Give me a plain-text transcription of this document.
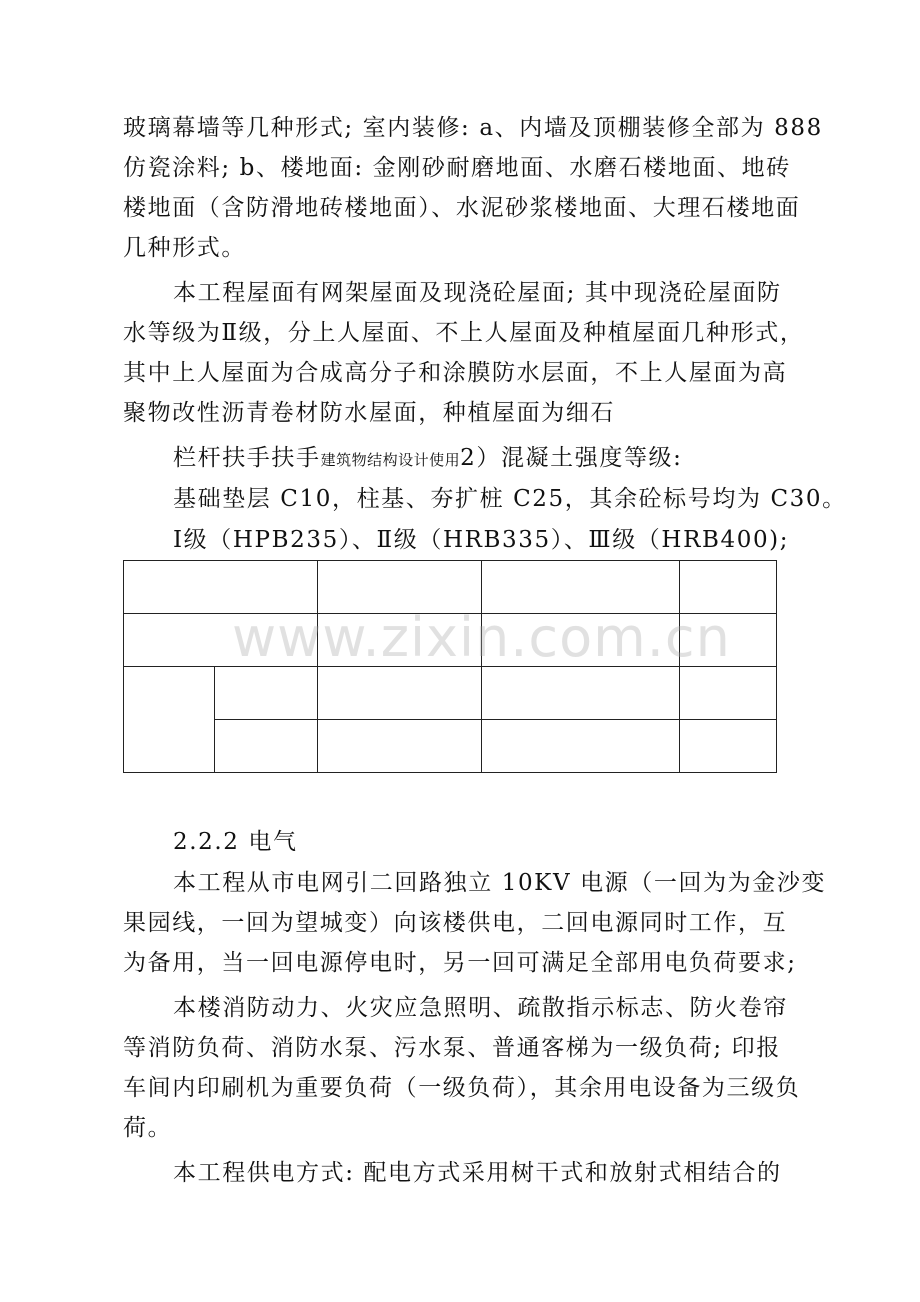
玻璃幕墙等几种形式; 室内装修: a、内墙及顶棚装修全部为 888
仿瓷涂料; b、楼地面: 金刚砂耐磨地面、水磨石楼地面、地砖
楼地面（含防滑地砖楼地面）、水泥砂浆楼地面、大理石楼地面
几种形式。
本工程屋面有网架屋面及现浇砼屋面; 其中现浇砼屋面防
水等级为Ⅱ级，分上人屋面、不上人屋面及种植屋面几种形式，
其中上人屋面为合成高分子和涂膜防水层面，不上人屋面为高
聚物改性沥青卷材防水屋面，种植屋面为细石
栏杆扶手扶手建筑物结构设计使用2）混凝土强度等级:
基础垫层 C10，柱基、夯扩桩 C25，其余砼标号均为 C30。
Ⅰ级（HPB235）、Ⅱ级（HRB335）、Ⅲ级（HRB400);

www.zixin.com.cn
2.2.2 电气
本工程从市电网引二回路独立 10KV 电源（一回为为金沙变
果园线，一回为望城变）向该楼供电，二回电源同时工作，互
为备用，当一回电源停电时，另一回可满足全部用电负荷要求;
本楼消防动力、火灾应急照明、疏散指示标志、防火卷帘
等消防负荷、消防水泵、污水泵、普通客梯为一级负荷; 印报
车间内印刷机为重要负荷（一级负荷），其余用电设备为三级负
荷。
本工程供电方式: 配电方式采用树干式和放射式相结合的
